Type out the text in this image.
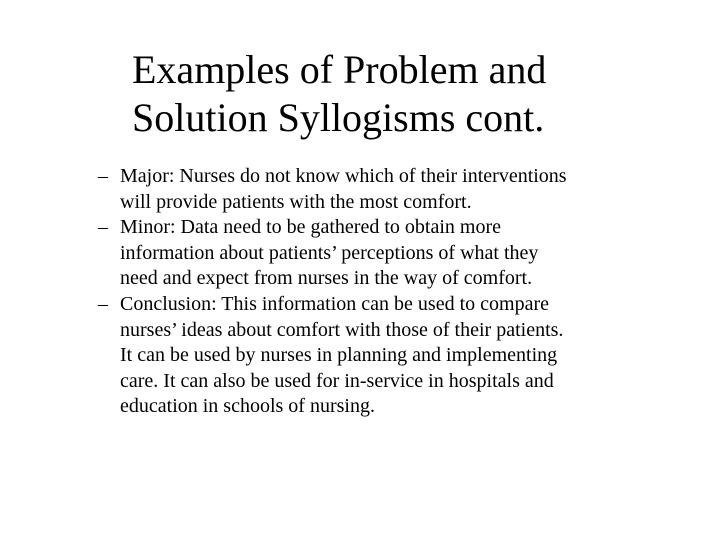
Examples of Problem and
Solution Syllogisms cont.
– Major: Nurses do not know which of their interventions
will provide patients with the most comfort.
– Minor: Data need to be gathered to obtain more
information about patients’ perceptions of what they
need and expect from nurses in the way of comfort.
– Conclusion: This information can be used to compare
nurses’ ideas about comfort with those of their patients.
It can be used by nurses in planning and implementing
care. It can also be used for in-service in hospitals and
education in schools of nursing.
